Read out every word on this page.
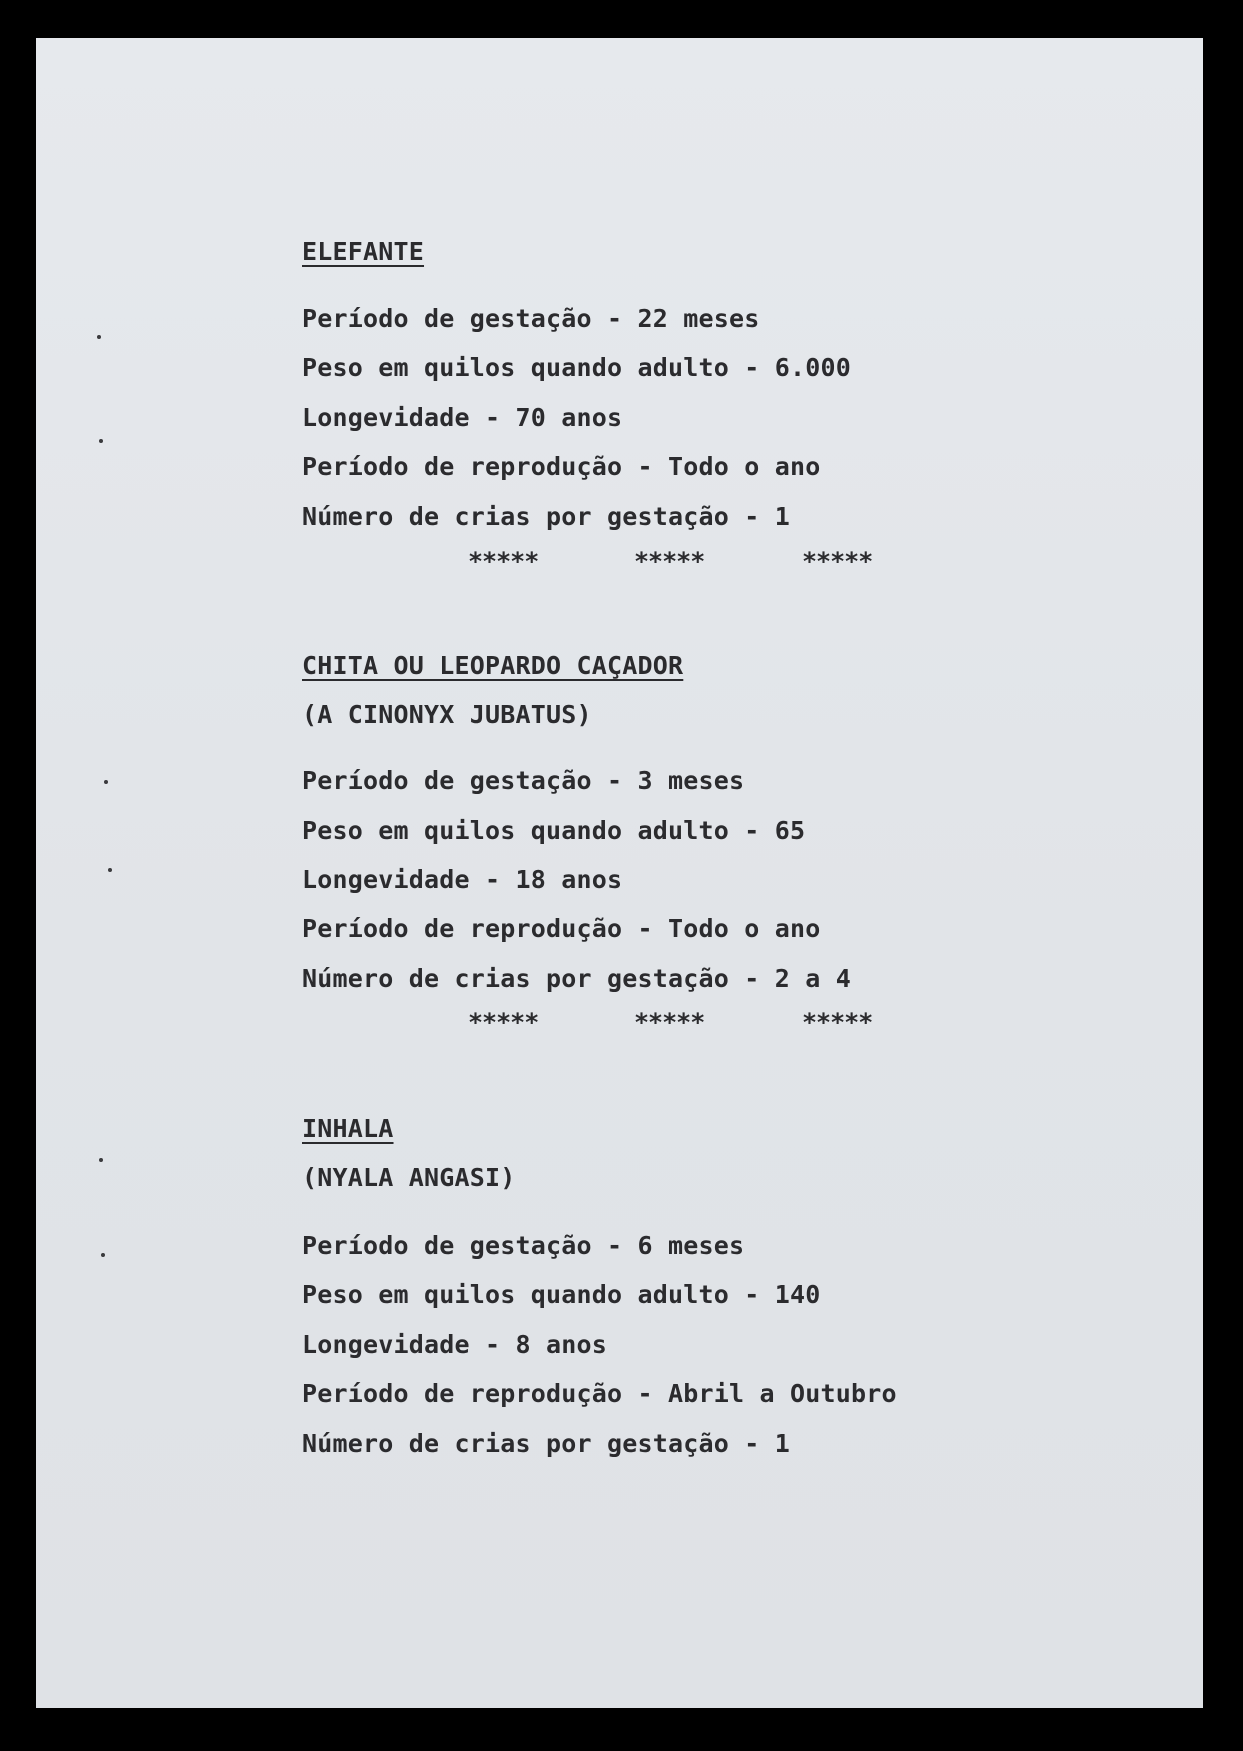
ELEFANTE
Período de gestação - 22 meses
Peso em quilos quando adulto - 6.000
Longevidade - 70 anos
Período de reprodução - Todo o ano
Número de crias por gestação - 1
*****	*****	*****
CHITA OU LEOPARDO CAÇADOR
(A CINONYX JUBATUS)
Período de gestação - 3 meses
Peso em quilos quando adulto - 65
Longevidade - 18 anos
Período de reprodução - Todo o ano
Número de crias por gestação - 2 a 4
*****	*****	*****
INHALA
(NYALA ANGASI)
Período de gestação - 6 meses
Peso em quilos quando adulto - 140
Longevidade - 8 anos
Período de reprodução - Abril a Outubro
Número de crias por gestação - 1
